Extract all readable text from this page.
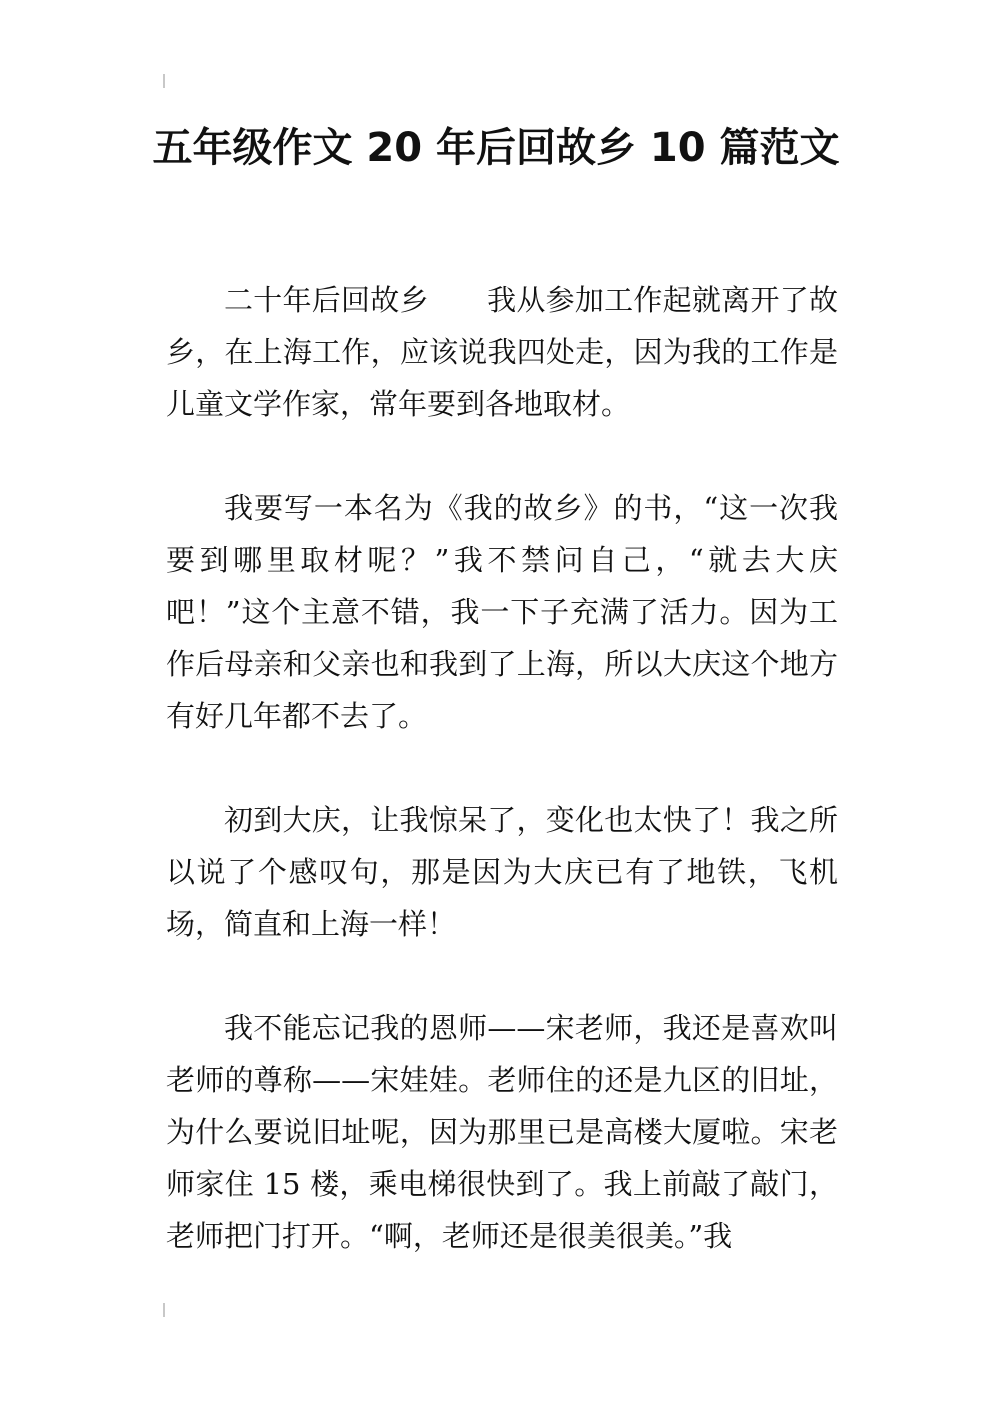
五年级作文 20 年后回故乡 10 篇范文

二十年后回故乡 我从参加工作起就离开了故乡，在上海工作，应该说我四处走，因为我的工作是儿童文学作家，常年要到各地取材。

我要写一本名为《我的故乡》的书，“这一次我要到哪里取材呢？”我不禁问自己，“就去大庆吧！”这个主意不错，我一下子充满了活力。因为工作后母亲和父亲也和我到了上海，所以大庆这个地方有好几年都不去了。

初到大庆，让我惊呆了，变化也太快了！我之所以说了个感叹句，那是因为大庆已有了地铁，飞机场，简直和上海一样！

我不能忘记我的恩师——宋老师，我还是喜欢叫老师的尊称——宋娃娃。老师住的还是九区的旧址，为什么要说旧址呢，因为那里已是高楼大厦啦。宋老师家住 15 楼，乘电梯很快到了。我上前敲了敲门，老师把门打开。“啊，老师还是很美很美。”我
